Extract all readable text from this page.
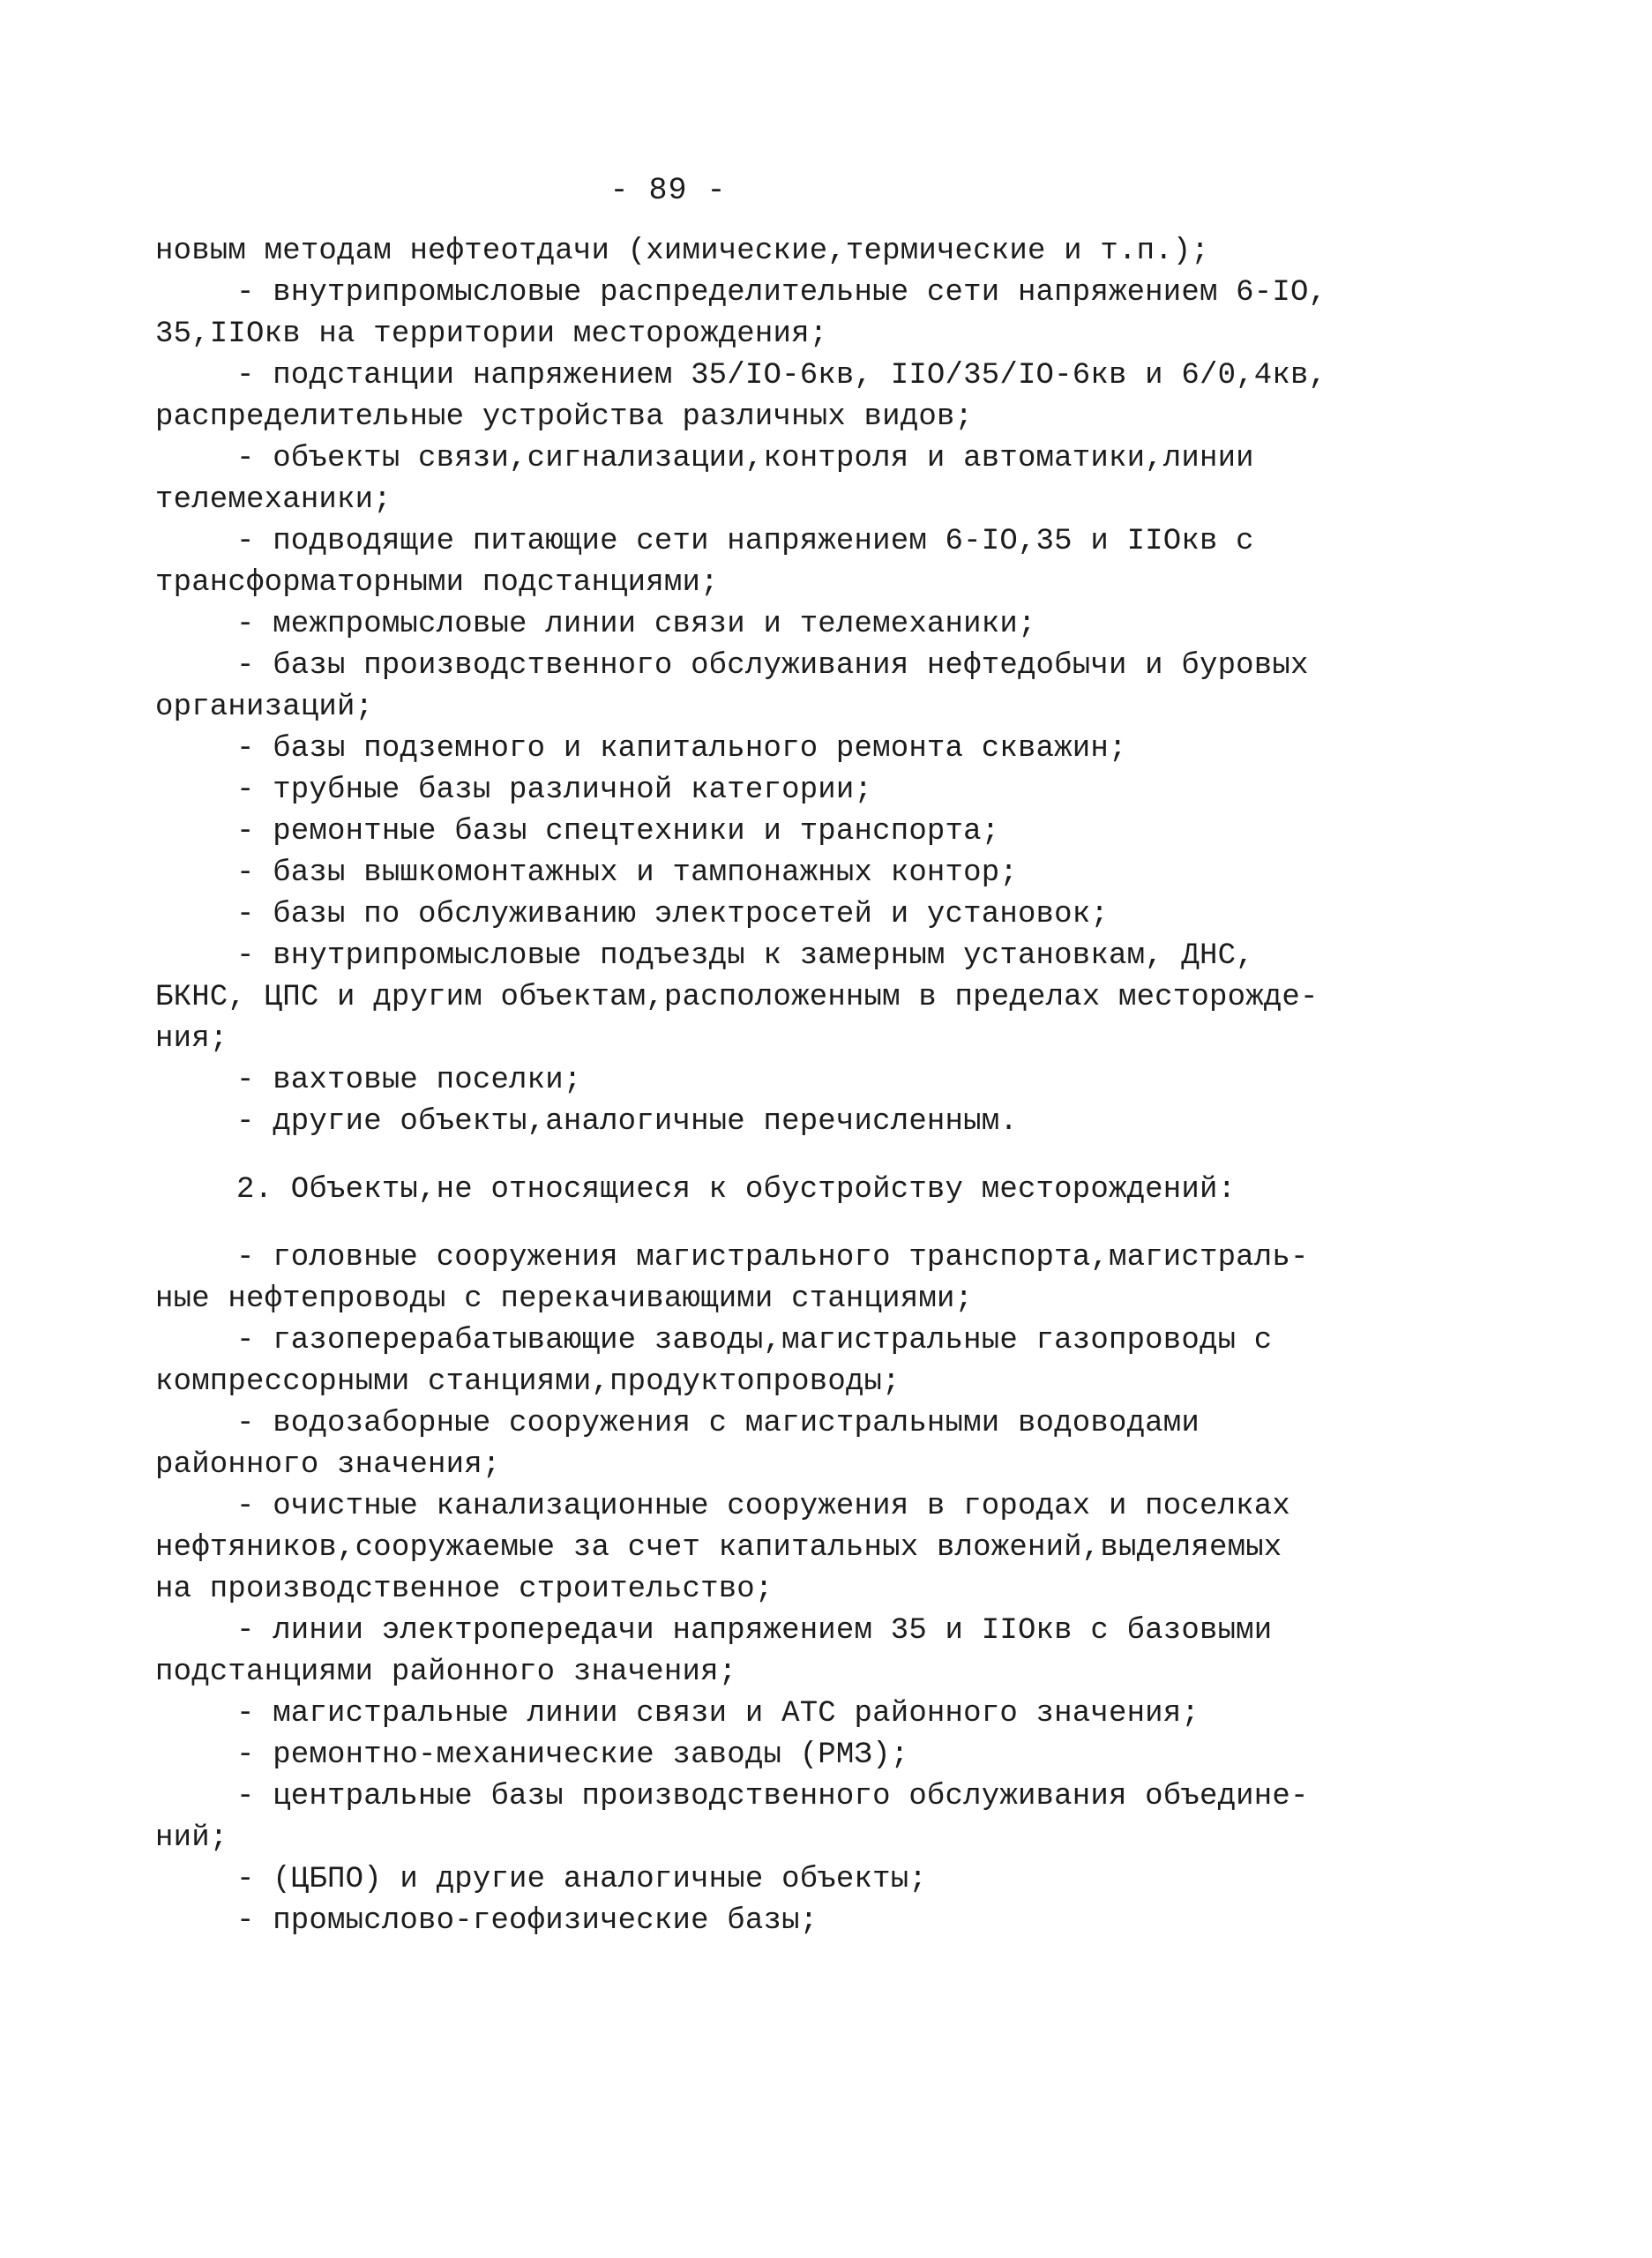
- 89 -
новым методам нефтеотдачи (химические,термические и т.п.);
- внутрипромысловые распределительные сети напряжением 6-IO,
35,IIOкв на территории месторождения;
- подстанции напряжением 35/IO-6кв, IIO/35/IO-6кв и 6/0,4кв,
распределительные устройства различных видов;
- объекты связи,сигнализации,контроля и автоматики,линии
телемеханики;
- подводящие питающие сети напряжением 6-IO,35 и IIOкв с
трансформаторными подстанциями;
- межпромысловые линии связи и телемеханики;
- базы производственного обслуживания нефтедобычи и буровых
организаций;
- базы подземного и капитального ремонта скважин;
- трубные базы различной категории;
- ремонтные базы спецтехники и транспорта;
- базы вышкомонтажных и тампонажных контор;
- базы по обслуживанию электросетей и установок;
- внутрипромысловые подъезды к замерным установкам, ДНС,
БКНС, ЦПС и другим объектам,расположенным в пределах месторожде-
ния;
- вахтовые поселки;
- другие объекты,аналогичные перечисленным.
2. Объекты,не относящиеся к обустройству месторождений:
- головные сооружения магистрального транспорта,магистраль-
ные нефтепроводы с перекачивающими станциями;
- газоперерабатывающие заводы,магистральные газопроводы с
компрессорными станциями,продуктопроводы;
- водозаборные сооружения с магистральными водоводами
районного значения;
- очистные канализационные сооружения в городах и поселках
нефтяников,сооружаемые за счет капитальных вложений,выделяемых
на производственное строительство;
- линии электропередачи напряжением 35 и IIOкв с базовыми
подстанциями районного значения;
- магистральные линии связи и АТС районного значения;
- ремонтно-механические заводы (РМЗ);
- центральные базы производственного обслуживания объедине-
ний;
- (ЦБПО) и другие аналогичные объекты;
- промыслово-геофизические базы;
